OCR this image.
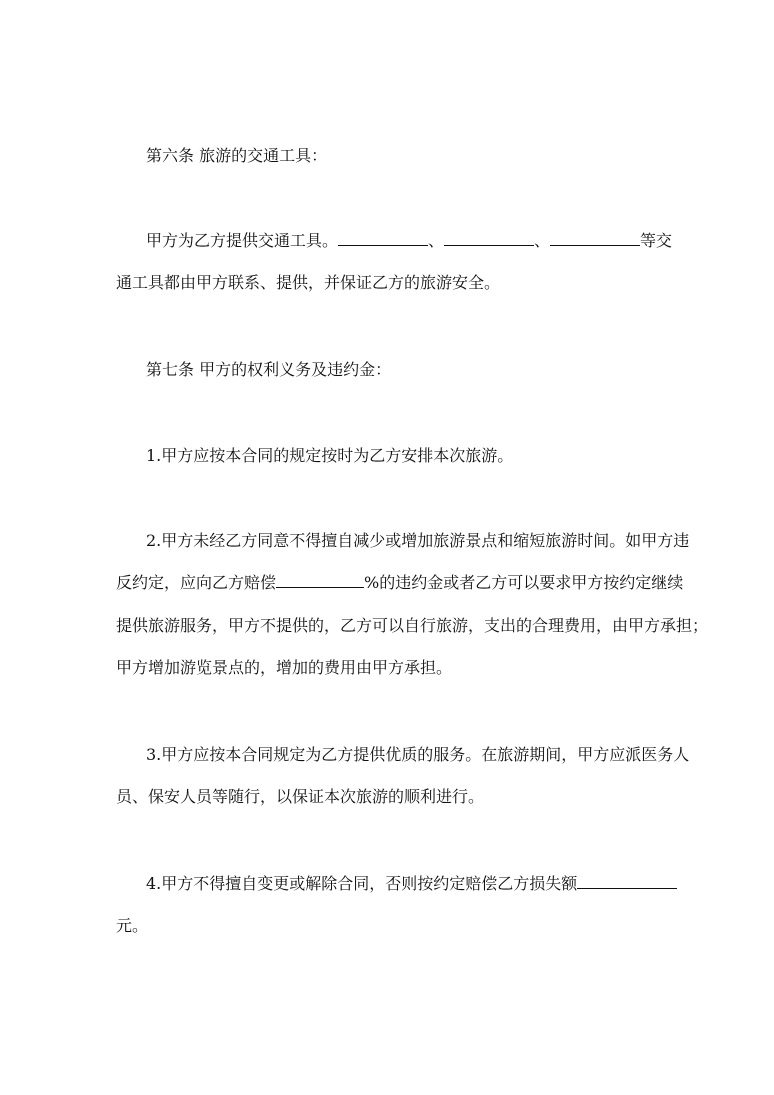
第六条 旅游的交通工具：
甲方为乙方提供交通工具。	、	、	等交
通工具都由甲方联系、提供，并保证乙方的旅游安全。
第七条 甲方的权利义务及违约金：
1.甲方应按本合同的规定按时为乙方安排本次旅游。
2.甲方未经乙方同意不得擅自减少或增加旅游景点和缩短旅游时间。如甲方违
反约定，应向乙方赔偿	%的违约金或者乙方可以要求甲方按约定继续
提供旅游服务，甲方不提供的，乙方可以自行旅游，支出的合理费用，由甲方承担；
甲方增加游览景点的，增加的费用由甲方承担。
3.甲方应按本合同规定为乙方提供优质的服务。在旅游期间，甲方应派医务人
员、保安人员等随行，以保证本次旅游的顺利进行。
4.甲方不得擅自变更或解除合同，否则按约定赔偿乙方损失额
元。
